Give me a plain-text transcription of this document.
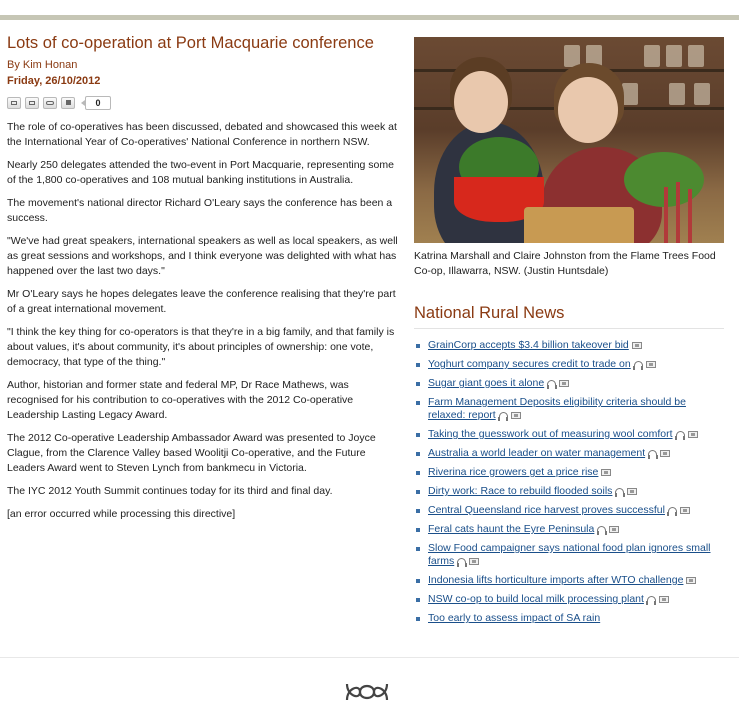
Lots of co-operation at Port Macquarie conference
By Kim Honan
Friday, 26/10/2012
0

The role of co-operatives has been discussed, debated and showcased this week at the International Year of Co-operatives' National Conference in northern NSW.

Nearly 250 delegates attended the two-event in Port Macquarie, representing some of the 1,800 co-operatives and 108 mutual banking institutions in Australia.

The movement's national director Richard O'Leary says the conference has been a success.

"We've had great speakers, international speakers as well as local speakers, as well as great sessions and workshops, and I think everyone was delighted with what has happened over the last two days."

Mr O'Leary says he hopes delegates leave the conference realising that they're part of a great international movement.

"I think the key thing for co-operators is that they're in a big family, and that family is about values, it's about community, it's about principles of ownership: one vote, democracy, that type of the thing."

Author, historian and former state and federal MP, Dr Race Mathews, was recognised for his contribution to co-operatives with the 2012 Co-operative Leadership Lasting Legacy Award.

The 2012 Co-operative Leadership Ambassador Award was presented to Joyce Clague, from the Clarence Valley based Woolitji Co-operative, and the Future Leaders Award went to Steven Lynch from bankmecu in Victoria.

The IYC 2012 Youth Summit continues today for its third and final day.

[an error occurred while processing this directive]

Katrina Marshall and Claire Johnston from the Flame Trees Food Co-op, Illawarra, NSW. (Justin Huntsdale)
National Rural News
GrainCorp accepts $3.4 billion takeover bid
Yoghurt company secures credit to trade on
Sugar giant goes it alone
Farm Management Deposits eligibility criteria should be relaxed: report
Taking the guesswork out of measuring wool comfort
Australia a world leader on water management
Riverina rice growers get a price rise
Dirty work: Race to rebuild flooded soils
Central Queensland rice harvest proves successful
Feral cats haunt the Eyre Peninsula
Slow Food campaigner says national food plan ignores small farms
Indonesia lifts horticulture imports after WTO challenge
NSW co-op to build local milk processing plant
Too early to assess impact of SA rain
